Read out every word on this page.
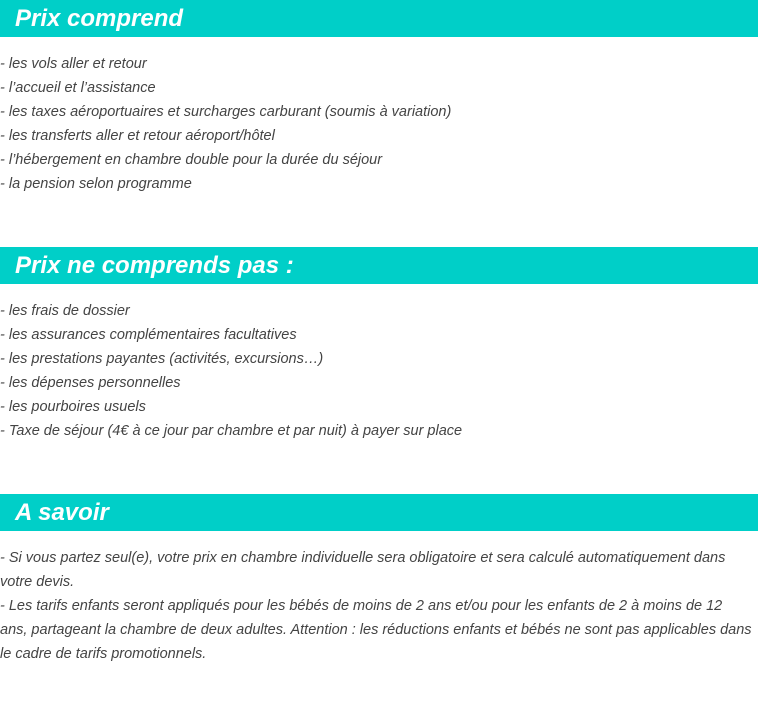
Prix comprend
- les vols aller et retour
- l’accueil et l’assistance
- les taxes aéroportuaires et surcharges carburant (soumis à variation)
- les transferts aller et retour aéroport/hôtel
- l’hébergement en chambre double pour la durée du séjour
- la pension selon programme
Prix ne comprends pas :
- les frais de dossier
- les assurances complémentaires facultatives
- les prestations payantes (activités, excursions…)
- les dépenses personnelles
- les pourboires usuels
- Taxe de séjour (4€ à ce jour par chambre et par nuit) à payer sur place
A savoir
- Si vous partez seul(e), votre prix en chambre individuelle sera obligatoire et sera calculé automatiquement dans votre devis.
- Les tarifs enfants seront appliqués pour les bébés de moins de 2 ans et/ou pour les enfants de 2 à moins de 12 ans, partageant la chambre de deux adultes. Attention : les réductions enfants et bébés ne sont pas applicables dans le cadre de tarifs promotionnels.
